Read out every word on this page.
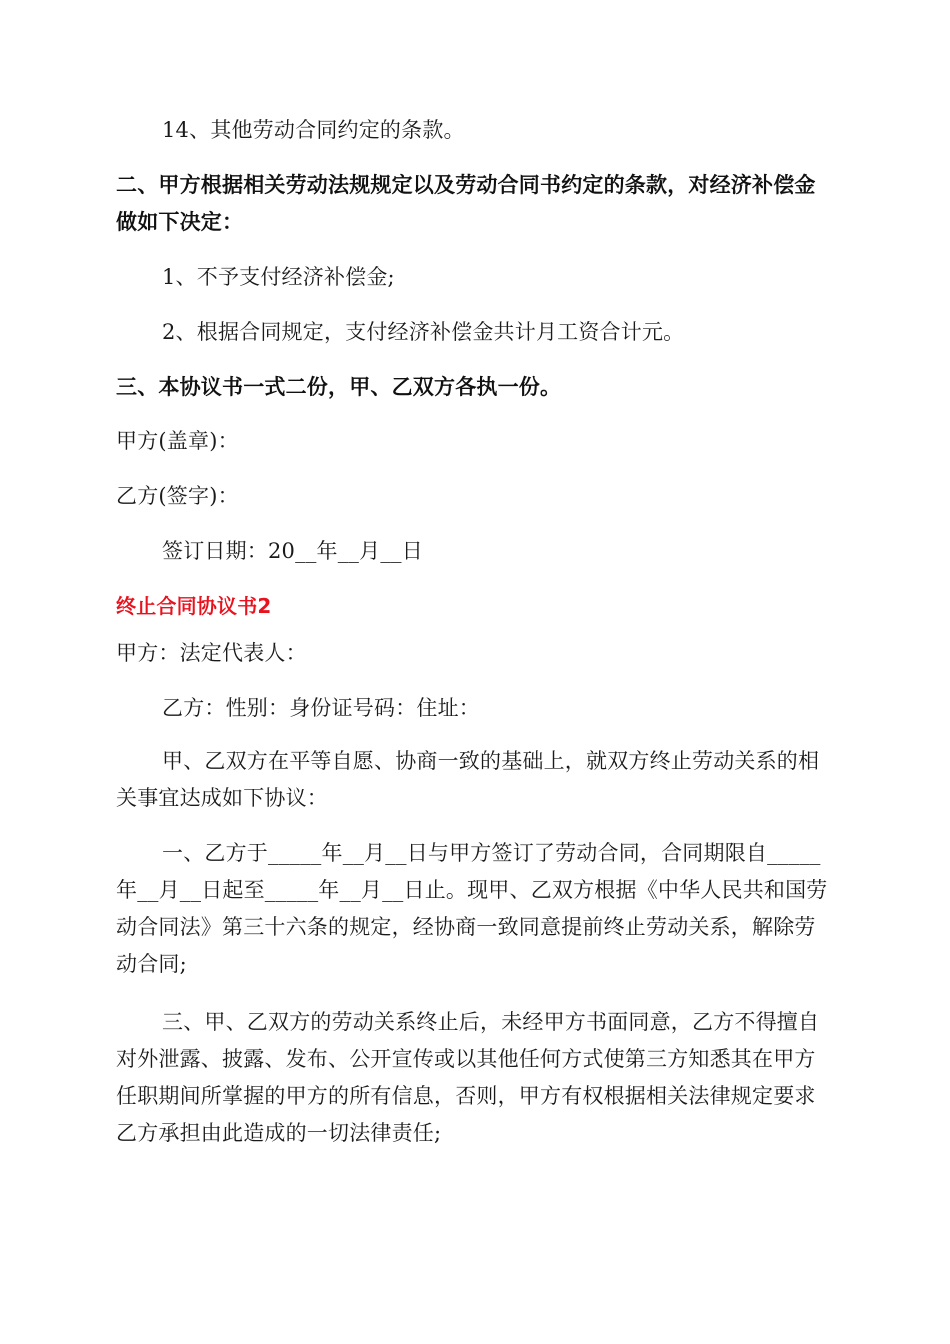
14、其他劳动合同约定的条款。

二、甲方根据相关劳动法规规定以及劳动合同书约定的条款，对经济补偿金做如下决定：

1、不予支付经济补偿金;

2、根据合同规定，支付经济补偿金共计月工资合计元。

三、本协议书一式二份，甲、乙双方各执一份。

甲方(盖章)：

乙方(签字)：

签订日期：20__年__月__日

终止合同协议书2

甲方：法定代表人：

乙方：性别：身份证号码：住址：

甲、乙双方在平等自愿、协商一致的基础上，就双方终止劳动关系的相关事宜达成如下协议：

一、乙方于_____年__月__日与甲方签订了劳动合同，合同期限自_____年__月__日起至_____年__月__日止。现甲、乙双方根据《中华人民共和国劳动合同法》第三十六条的规定，经协商一致同意提前终止劳动关系，解除劳动合同;

三、甲、乙双方的劳动关系终止后，未经甲方书面同意，乙方不得擅自对外泄露、披露、发布、公开宣传或以其他任何方式使第三方知悉其在甲方任职期间所掌握的甲方的所有信息，否则，甲方有权根据相关法律规定要求乙方承担由此造成的一切法律责任;
